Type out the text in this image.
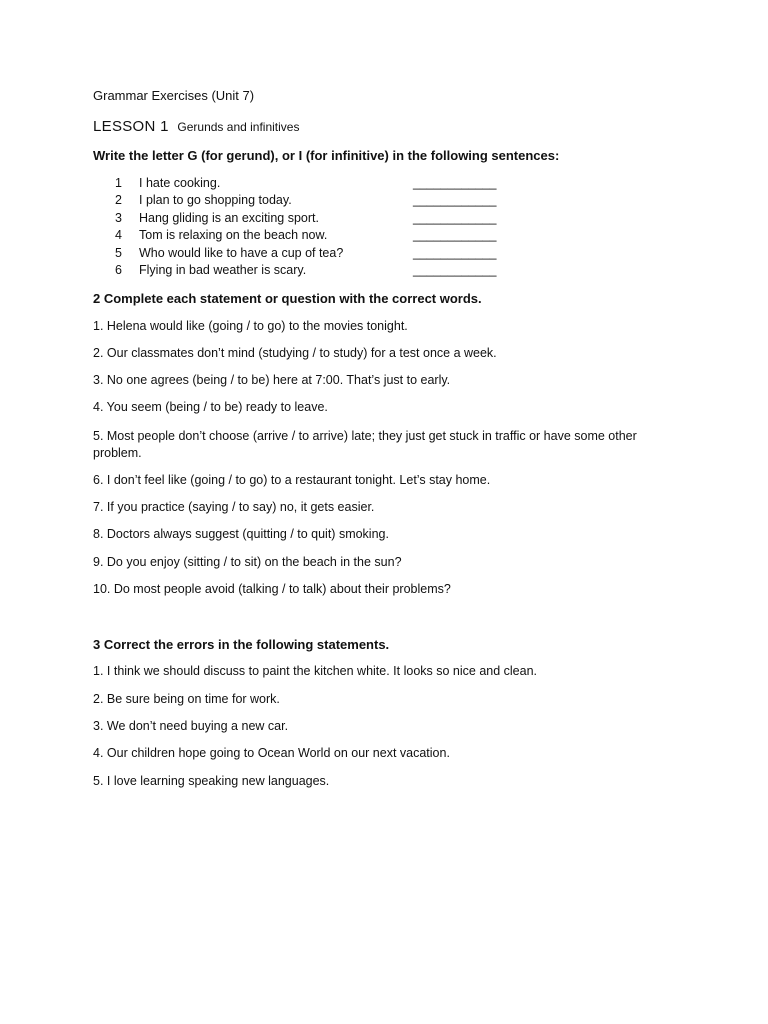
Grammar Exercises (Unit 7)
LESSON 1 Gerunds and infinitives
Write the letter G (for gerund), or I (for infinitive) in the following sentences:
1 I hate cooking.	____________
2 I plan to go shopping today.	____________
3 Hang gliding is an exciting sport.	____________
4 Tom is relaxing on the beach now.	____________
5 Who would like to have a cup of tea?	____________
6 Flying in bad weather is scary.	____________
2 Complete each statement or question with the correct words.
1. Helena would like (going / to go) to the movies tonight.
2. Our classmates don’t mind (studying / to study) for a test once a week.
3. No one agrees (being / to be) here at 7:00. That’s just to early.
4. You seem (being / to be) ready to leave.
5. Most people don’t choose (arrive / to arrive) late; they just get stuck in traffic or have some other problem.
6. I don’t feel like (going / to go) to a restaurant tonight. Let’s stay home.
7. If you practice (saying / to say) no, it gets easier.
8. Doctors always suggest (quitting / to quit) smoking.
9. Do you enjoy (sitting / to sit) on the beach in the sun?
10. Do most people avoid (talking / to talk) about their problems?
3 Correct the errors in the following statements.
1. I think we should discuss to paint the kitchen white. It looks so nice and clean.
2. Be sure being on time for work.
3. We don’t need buying a new car.
4. Our children hope going to Ocean World on our next vacation.
5. I love learning speaking new languages.
